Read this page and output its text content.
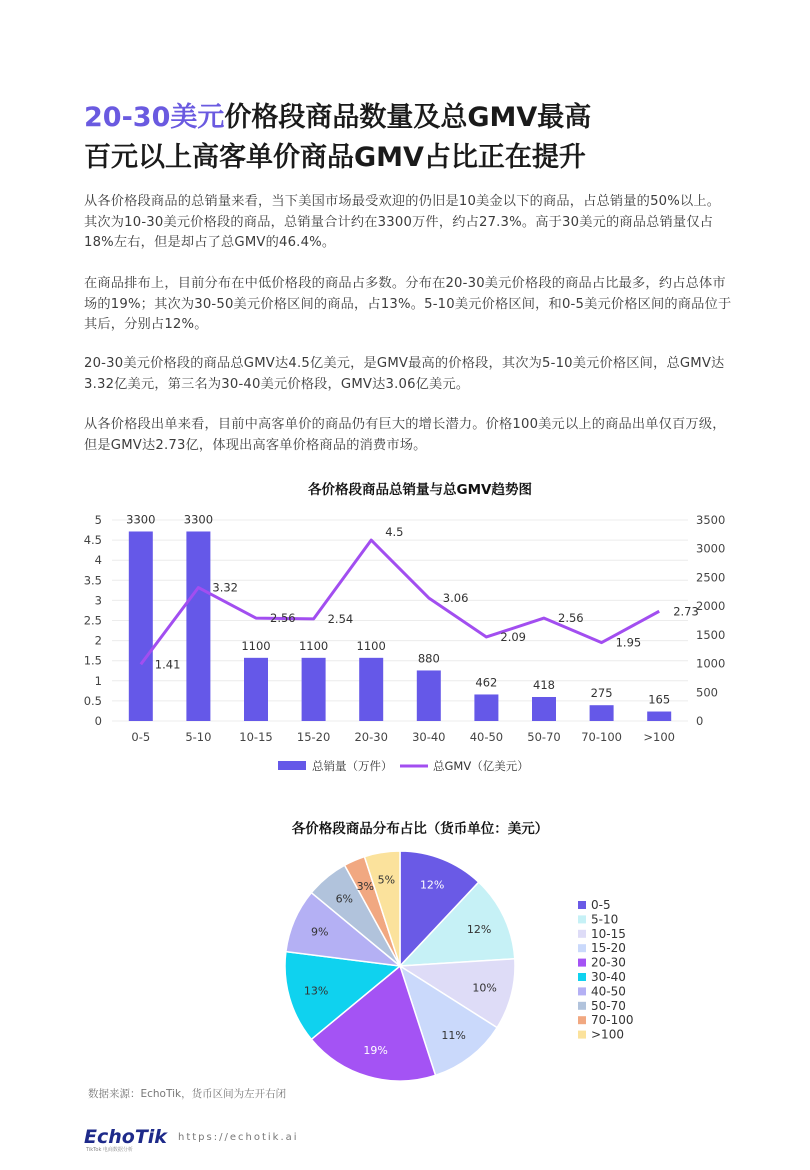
20-30美元价格段商品数量及总GMV最高
百元以上高客单价商品GMV占比正在提升
从各价格段商品的总销量来看，当下美国市场最受欢迎的仍旧是10美金以下的商品，占总销量的50%以上。其次为10-30美元价格段的商品，总销量合计约在3300万件，约占27.3%。高于30美元的商品总销量仅占18%左右，但是却占了总GMV的46.4%。
在商品排布上，目前分布在中低价格段的商品占多数。分布在20-30美元价格段的商品占比最多，约占总体市场的19%；其次为30-50美元价格区间的商品，占13%。5-10美元价格区间，和0-5美元价格区间的商品位于其后，分别占12%。
20-30美元价格段的商品总GMV达4.5亿美元，是GMV最高的价格段，其次为5-10美元价格区间，总GMV达3.32亿美元，第三名为30-40美元价格段，GMV达3.06亿美元。
从各价格段出单来看，目前中高客单价的商品仍有巨大的增长潜力。价格100美元以上的商品出单仅百万级，但是GMV达2.73亿，体现出高客单价格商品的消费市场。
各价格段商品总销量与总GMV趋势图
0
0.5
1
1.5
2
2.5
3
3.5
4
4.5
5
0
500
1000
1500
2000
2500
3000
3500
3300
0-5
3300
5-10
1100
10-15
1100
15-20
1100
20-30
880
30-40
462
40-50
418
50-70
275
70-100
165
>100
1.41
3.32
2.56	2.54
4.5
3.06
2.09
2.56
1.95
2.73
总销量（万件）	总GMV（亿美元）
各价格段商品分布占比（货币单位：美元）
12%
12%
10%
11%
19%
13%
9%
6%
3% 5%
0-5
5-10
10-15
15-20
20-30
30-40
40-50
50-70
70-100
>100
数据来源：EchoTik，货币区间为左开右闭
EchoTik
TikTok 电商数据分析
https://echotik.ai
